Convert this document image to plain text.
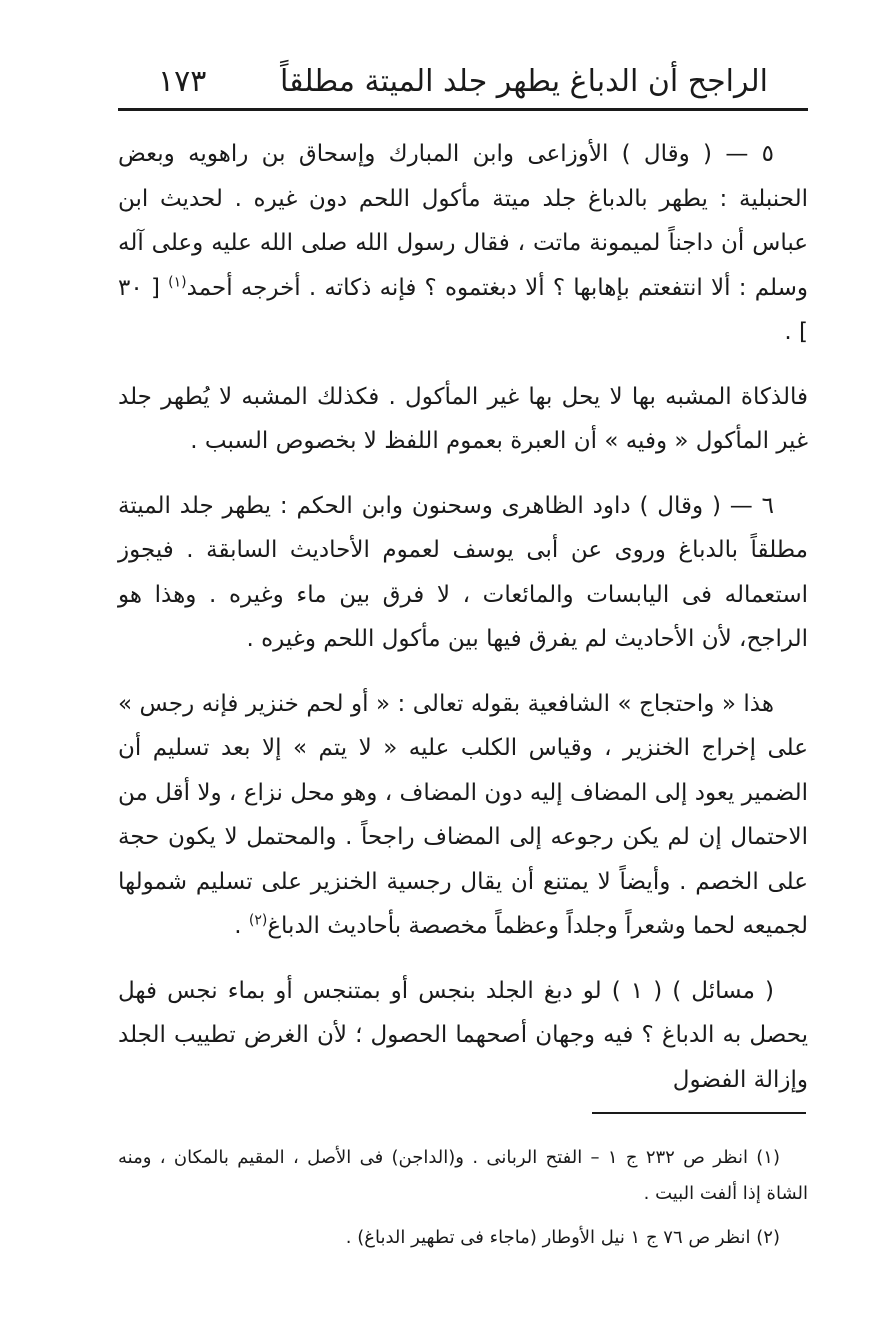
الراجح أن الدباغ يطهر جلد الميتة مطلقاً
١٧٣

٥ — ( وقال ) الأوزاعى وابن المبارك وإسحاق بن راهويه وبعض الحنبلية : يطهر بالدباغ جلد ميتة مأكول اللحم دون غيره . لحديث ابن عباس أن داجناً لميمونة ماتت ، فقال رسول الله صلى الله عليه وعلى آله وسلم : ألا انتفعتم بإهابها ؟ ألا دبغتموه ؟ فإنه ذكاته . أخرجه أحمد$^{(١)}$ [ ٣٠ ] .

فالذكاة المشبه بها لا يحل بها غير المأكول . فكذلك المشبه لا يُطهر جلد غير المأكول « وفيه » أن العبرة بعموم اللفظ لا بخصوص السبب .

٦ — ( وقال ) داود الظاهرى وسحنون وابن الحكم : يطهر جلد الميتة مطلقاً بالدباغ وروى عن أبى يوسف لعموم الأحاديث السابقة . فيجوز استعماله فى اليابسات والمائعات ، لا فرق بين ماء وغيره . وهذا هو الراجح، لأن الأحاديث لم يفرق فيها بين مأكول اللحم وغيره .

هذا « واحتجاج » الشافعية بقوله تعالى : « أو لحم خنزير فإنه رجس » على إخراج الخنزير ، وقياس الكلب عليه « لا يتم » إلا بعد تسليم أن الضمير يعود إلى المضاف إليه دون المضاف ، وهو محل نزاع ، ولا أقل من الاحتمال إن لم يكن رجوعه إلى المضاف راجحاً . والمحتمل لا يكون حجة على الخصم . وأيضاً لا يمتنع أن يقال رجسية الخنزير على تسليم شمولها لجميعه لحما وشعراً وجلداً وعظماً مخصصة بأحاديث الدباغ$^{(٢)}$ .

( مسائل ) ( ١ ) لو دبغ الجلد بنجس أو بمتنجس أو بماء نجس فهل يحصل به الدباغ ؟ فيه وجهان أصحهما الحصول ؛ لأن الغرض تطييب الجلد وإزالة الفضول

(١) انظر ص ٢٣٢ ج ١ – الفتح الربانى . و(الداجن) فى الأصل ، المقيم بالمكان ، ومنه الشاة إذا ألفت البيت .

(٢) انظر ص ٧٦ ج ١ نيل الأوطار (ماجاء فى تطهير الدباغ) .
